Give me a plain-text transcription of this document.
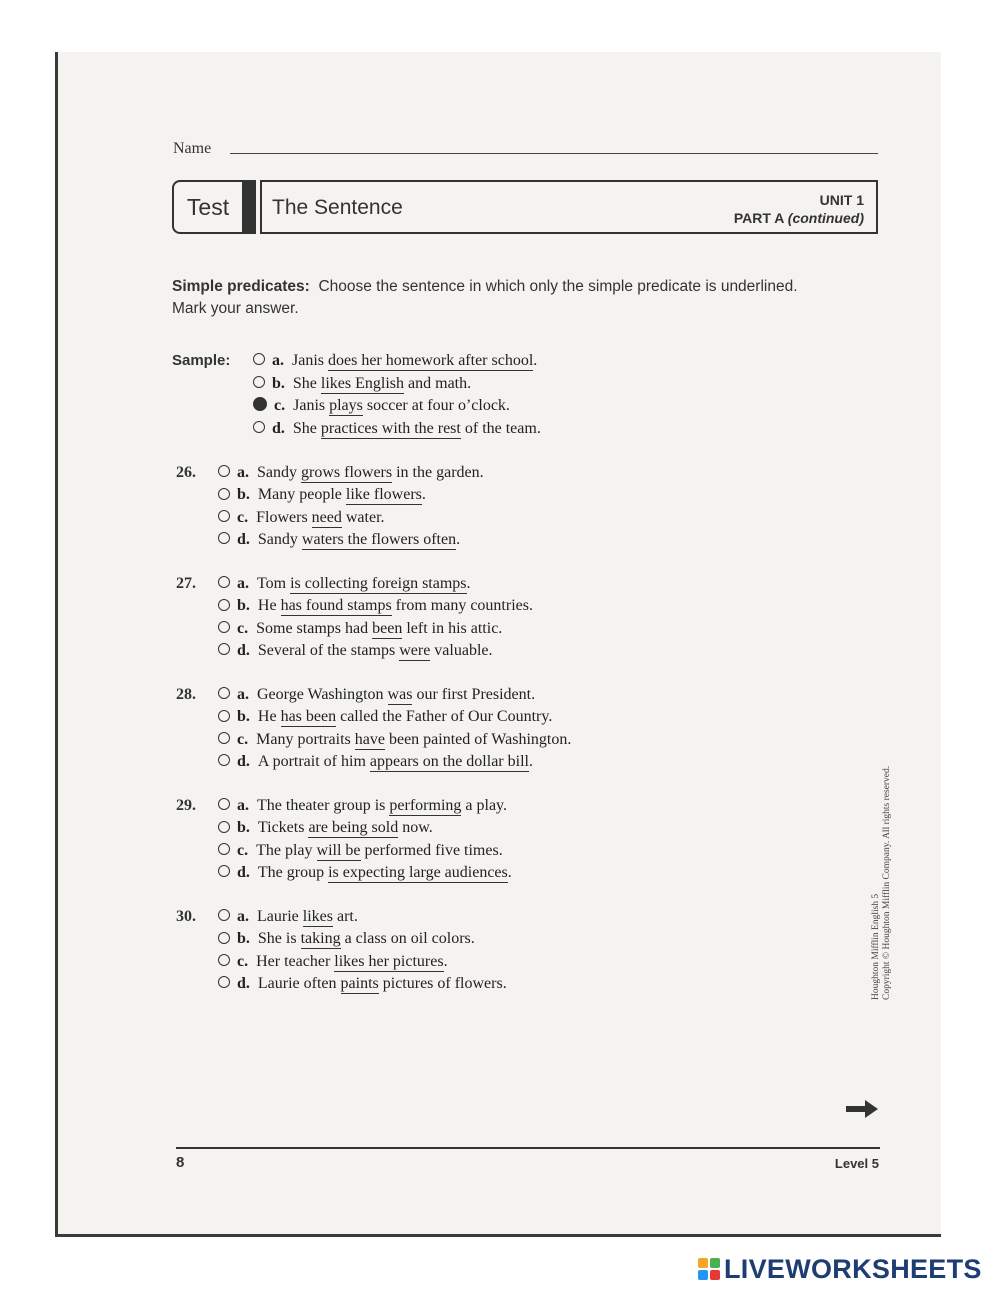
Name
Test	The Sentence	UNIT 1
PART A (continued)
Simple predicates: Choose the sentence in which only the simple predicate is underlined. Mark your answer.
Sample:	a. Janis does her homework after school.
b. She likes English and math.
c. Janis plays soccer at four o’clock.
d. She practices with the rest of the team.
26.	a. Sandy grows flowers in the garden.
b. Many people like flowers.
c. Flowers need water.
d. Sandy waters the flowers often.
27.	a. Tom is collecting foreign stamps.
b. He has found stamps from many countries.
c. Some stamps had been left in his attic.
d. Several of the stamps were valuable.
28.	a. George Washington was our first President.
b. He has been called the Father of Our Country.
c. Many portraits have been painted of Washington.
d. A portrait of him appears on the dollar bill.
29.	a. The theater group is performing a play.
b. Tickets are being sold now.
c. The play will be performed five times.
d. The group is expecting large audiences.
30.	a. Laurie likes art.
b. She is taking a class on oil colors.
c. Her teacher likes her pictures.
d. Laurie often paints pictures of flowers.	Houghton Mifflin English 5 Copyright © Houghton Mifflin Company. All rights reserved.
8	Level 5
LIVEWORKSHEETS
